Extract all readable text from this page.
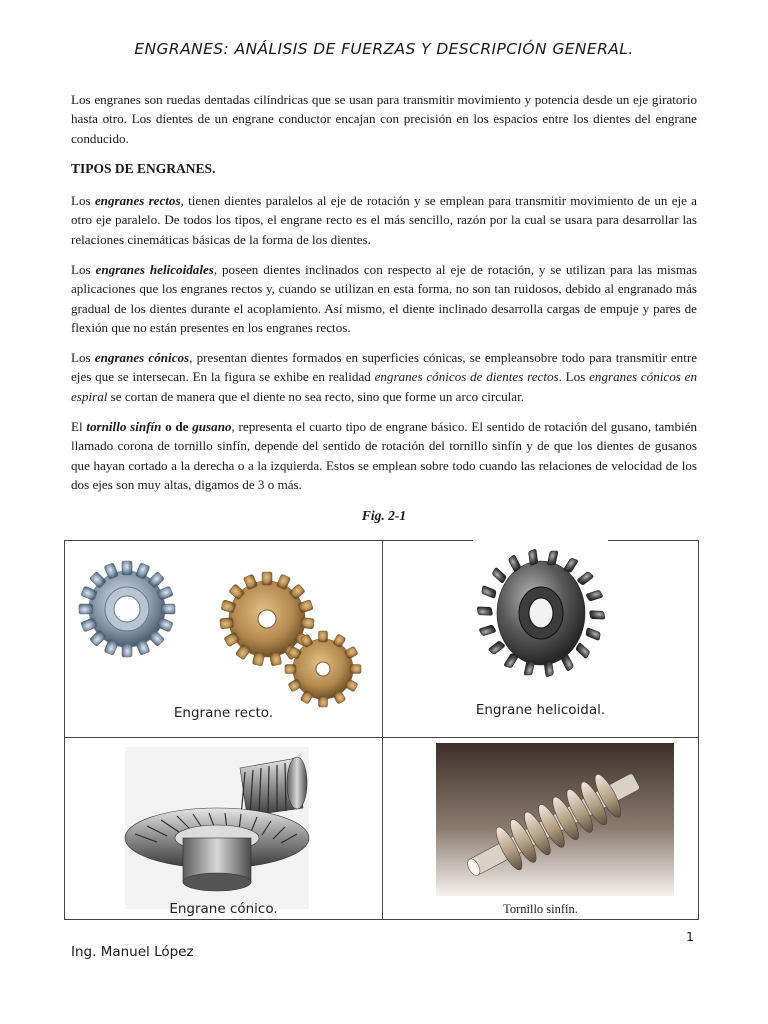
ENGRANES: ANÁLISIS DE FUERZAS Y DESCRIPCIÓN GENERAL.

Los engranes son ruedas dentadas cilíndricas que se usan para transmitir movimiento y potencia desde un eje giratorio hasta otro. Los dientes de un engrane conductor encajan con precisión en los espacios entre los dientes del engrane conducido.

TIPOS DE ENGRANES.

Los engranes rectos, tienen dientes paralelos al eje de rotación y se emplean para transmitir movimiento de un eje a otro eje paralelo. De todos los tipos, el engrane recto es el más sencillo, razón por la cual se usara para desarrollar las relaciones cinemáticas básicas de la forma de los dientes.

Los engranes helicoidales, poseen dientes inclinados con respecto al eje de rotación, y se utilizan para las mismas aplicaciones que los engranes rectos y, cuando se utilizan en esta forma, no son tan ruidosos, debido al engranado más gradual de los dientes durante el acoplamiento. Así mismo, el diente inclinado desarrolla cargas de empuje y pares de flexión que no están presentes en los engranes rectos.

Los engranes cónicos, presentan dientes formados en superficies cónicas, se empleansobre todo para transmitir entre ejes que se intersecan. En la figura se exhibe en realidad engranes cónicos de dientes rectos. Los engranes cónicos en espiral se cortan de manera que el diente no sea recto, sino que forme un arco circular.

El tornillo sinfín o de gusano, representa el cuarto tipo de engrane básico. El sentido de rotación del gusano, también llamado corona de tornillo sinfín, depende del sentido de rotación del tornillo sinfín y de que los dientes de gusanos que hayan cortado a la derecha o a la izquierda. Estos se emplean sobre todo cuando las relaciones de velocidad de los dos ejes son muy altas, digamos de 3 o más.

Fig. 2-1
Engrane recto.	Engrane helicoidal.
Engrane cónico.	Tornillo sinfín.
1
Ing. Manuel López
